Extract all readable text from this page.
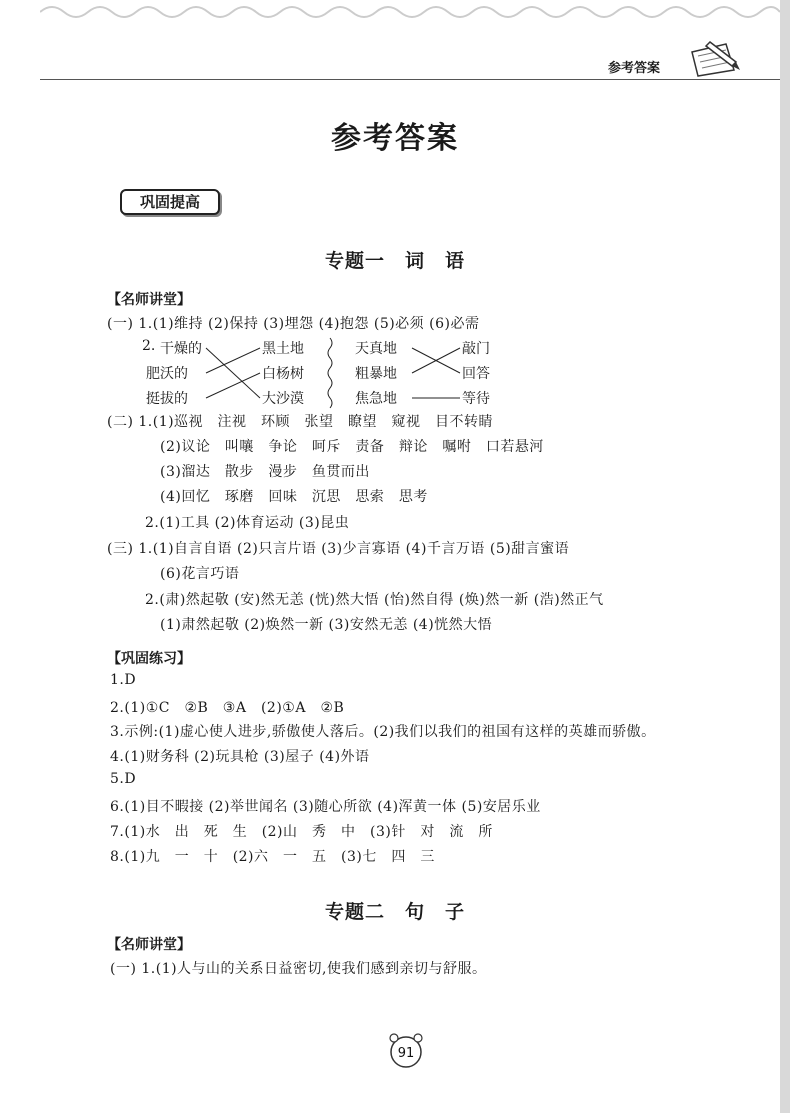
参考答案
参考答案
巩固提高
专题一　词　语
【名师讲堂】
(一) 1.(1)维持 (2)保持 (3)埋怨 (4)抱怨 (5)必须 (6)必需
2. 干燥的
肥沃的
挺拔的
黑土地
白杨树
大沙漠
天真地
粗暴地
焦急地
敲门
回答
等待
(二) 1.(1)巡视　注视　环顾　张望　瞭望　窥视　目不转睛
(2)议论　叫嚷　争论　呵斥　责备　辩论　嘱咐　口若悬河
(3)溜达　散步　漫步　鱼贯而出
(4)回忆　琢磨　回味　沉思　思索　思考
2.(1)工具 (2)体育运动 (3)昆虫
(三) 1.(1)自言自语 (2)只言片语 (3)少言寡语 (4)千言万语 (5)甜言蜜语
(6)花言巧语
2.(肃)然起敬 (安)然无恙 (恍)然大悟 (怡)然自得 (焕)然一新 (浩)然正气
(1)肃然起敬 (2)焕然一新 (3)安然无恙 (4)恍然大悟
【巩固练习】
1.D
2.(1)①C　②B　③A　(2)①A　②B
3.示例:(1)虚心使人进步,骄傲使人落后。(2)我们以我们的祖国有这样的英雄而骄傲。
4.(1)财务科 (2)玩具枪 (3)屋子 (4)外语
5.D
6.(1)目不暇接 (2)举世闻名 (3)随心所欲 (4)浑黄一体 (5)安居乐业
7.(1)水　出　死　生　(2)山　秀　中　(3)针　对　流　所
8.(1)九　一　十　(2)六　一　五　(3)七　四　三
专题二　句　子
【名师讲堂】
(一) 1.(1)人与山的关系日益密切,使我们感到亲切与舒服。
91
